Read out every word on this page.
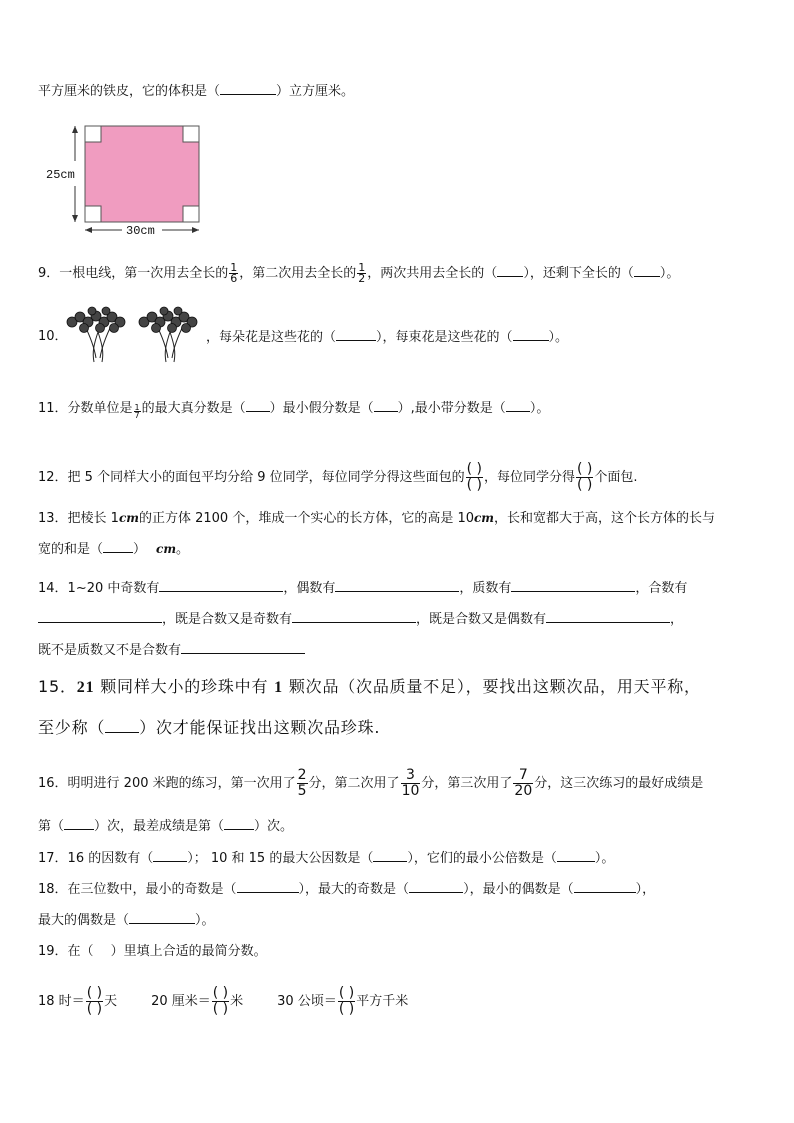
平方厘米的铁皮，它的体积是（	）立方厘米。
25cm
30cm
9．一根电线，第一次用去全长的 $\frac{1}{6}$ ，第二次用去全长的 $\frac{1}{2}$ ，两次共用去全长的（ ），还剩下全长的（ ）。
10．	，每朵花是这些花的（	），每束花是这些花的（	）。
11．分数单位是 $\frac{1}{7}$ 的最大真分数是（ ）最小假分数是（ ）,最小带分数是（ ）。
12．把 5 个同样大小的面包平均分给 9 位同学，每位同学分得这些面包的 $\frac{( )}{( )}$ ，每位同学分得 $\frac{( )}{( )}$ 个面包.
13．把棱长 1cm的正方体 2100 个，堆成一个实心的长方体，它的高是 10cm，长和宽都大于高，这个长方体的长与
宽的和是（ ） cm。
14．1~20 中奇数有	，偶数有	，质数有	，合数有
，既是合数又是奇数有	，既是合数又是偶数有	，
既不是质数又不是合数有
15．21 颗同样大小的珍珠中有 1 颗次品（次品质量不足），要找出这颗次品，用天平称，
至少称（ ）次才能保证找出这颗次品珍珠.
16．明明进行 200 米跑的练习，第一次用了 $\frac{2}{5}$ 分，第二次用了 $\frac{3}{10}$ 分，第三次用了 $\frac{7}{20}$ 分，这三次练习的最好成绩是
第（ ）次，最差成绩是第（ ）次。
17．16 的因数有（	）； 10 和 15 的最大公因数是（	），它们的最小公倍数是（	）。
18．在三位数中，最小的奇数是（	），最大的奇数是（	），最小的偶数是（	），
最大的偶数是（	）。
19．在（　 ）里填上合适的最简分数。
18 时＝ $\frac{( )}{( )}$ 天	20 厘米＝ $\frac{( )}{( )}$ 米	30 公顷＝ $\frac{( )}{( )}$ 平方千米
